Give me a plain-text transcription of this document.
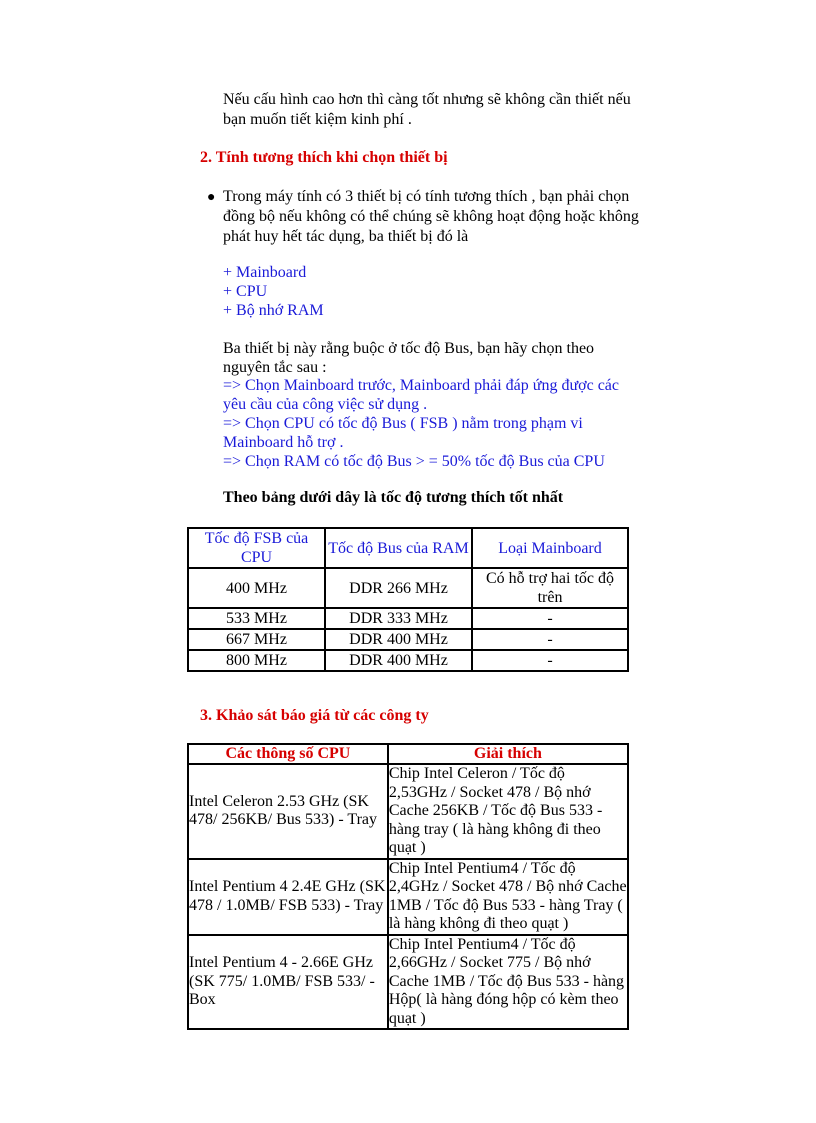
Nếu cấu hình cao hơn thì càng tốt nhưng sẽ không cần thiết nếu bạn muốn tiết kiệm kinh phí .
2. Tính tương thích khi chọn thiết bị
● Trong máy tính có 3 thiết bị có tính tương thích , bạn phải chọn đồng bộ nếu không có thể chúng sẽ không hoạt động hoặc không phát huy hết tác dụng, ba thiết bị đó là
+ Mainboard
+ CPU
+ Bộ nhớ RAM
Ba thiết bị này rằng buộc ở tốc độ Bus, bạn hãy chọn theo nguyên tắc sau :
=> Chọn Mainboard trước, Mainboard phải đáp ứng được các yêu cầu của công việc sử dụng .
=> Chọn CPU có tốc độ Bus ( FSB ) nằm trong phạm vi Mainboard hỗ trợ .
=> Chọn RAM có tốc độ Bus > = 50% tốc độ Bus của CPU
Theo bảng dưới dây là tốc độ tương thích tốt nhất
Tốc độ FSB của CPU	Tốc độ Bus của RAM	Loại Mainboard
400 MHz	DDR 266 MHz	Có hỗ trợ hai tốc độ trên
533 MHz	DDR 333 MHz	-
667 MHz	DDR 400 MHz	-
800 MHz	DDR 400 MHz	-
3. Khảo sát báo giá từ các công ty
Các thông số CPU	Giải thích
Intel Celeron 2.53 GHz (SK 478/ 256KB/ Bus 533) - Tray	Chip Intel Celeron / Tốc độ 2,53GHz / Socket 478 / Bộ nhớ Cache 256KB / Tốc độ Bus 533 - hàng tray ( là hàng không đi theo quạt )
Intel Pentium 4 2.4E GHz (SK 478 / 1.0MB/ FSB 533) - Tray	Chip Intel Pentium4 / Tốc độ 2,4GHz / Socket 478 / Bộ nhớ Cache 1MB / Tốc độ Bus 533 - hàng Tray ( là hàng không đi theo quạt )
Intel Pentium 4 - 2.66E GHz (SK 775/ 1.0MB/ FSB 533/ - Box	Chip Intel Pentium4 / Tốc độ 2,66GHz / Socket 775 / Bộ nhớ Cache 1MB / Tốc độ Bus 533 - hàng Hộp( là hàng đóng hộp có kèm theo quạt )
